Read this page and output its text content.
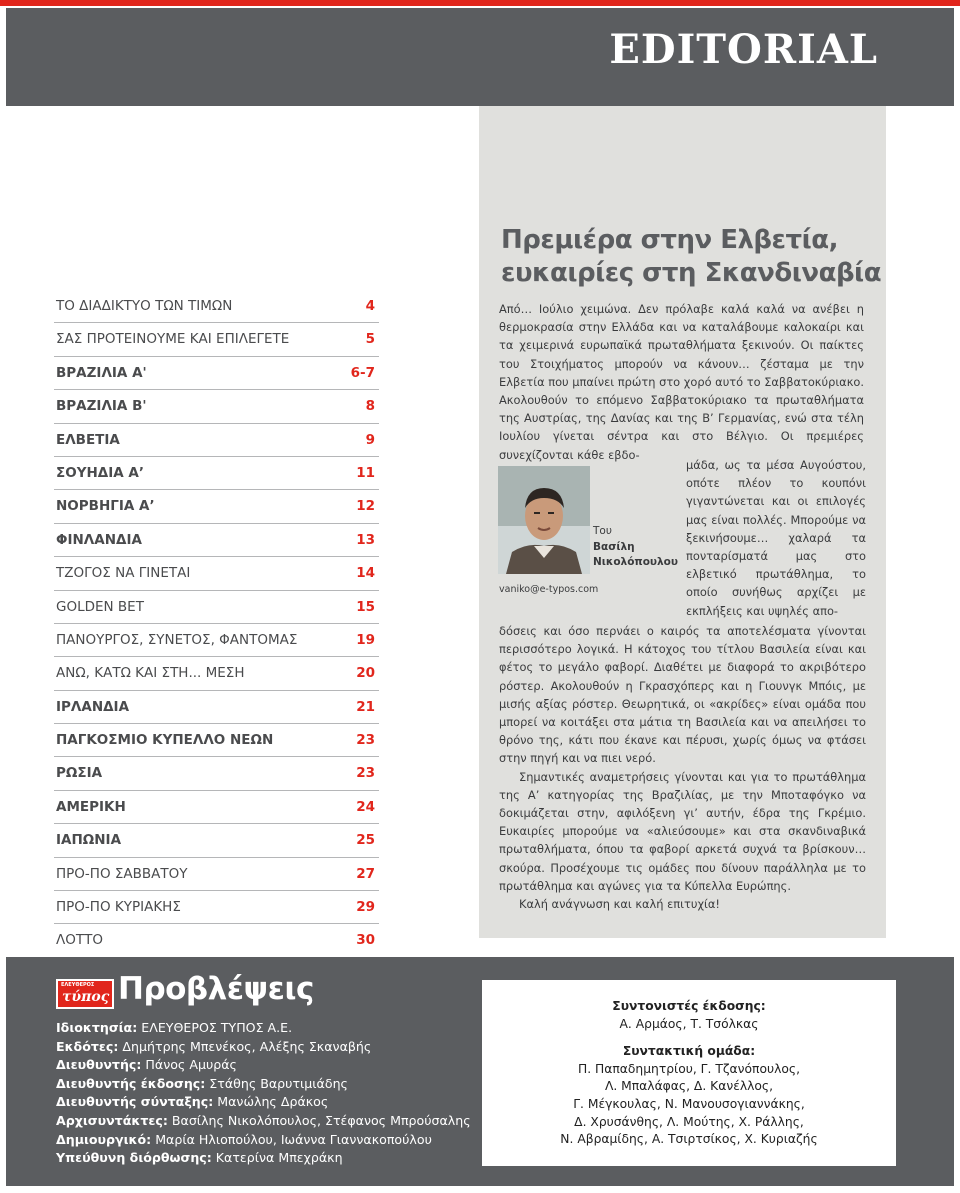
EDITORIAL
ΤΟ ΔΙΑΔΙΚΤΥΟ ΤΩΝ ΤΙΜΩΝ	4
ΣΑΣ ΠΡΟΤΕΙΝΟΥΜΕ ΚΑΙ ΕΠΙΛΕΓΕΤΕ	5
ΒΡΑΖΙΛΙΑ Α'	6-7
ΒΡΑΖΙΛΙΑ Β'	8
ΕΛΒΕΤΙΑ	9
ΣΟΥΗΔΙΑ Α’	11
ΝΟΡΒΗΓΙΑ Α’	12
ΦΙΝΛΑΝΔΙΑ	13
ΤΖΟΓΟΣ ΝΑ ΓΙΝΕΤΑΙ	14
GOLDEN BET	15
ΠΑΝΟΥΡΓΟΣ, ΣΥΝΕΤΟΣ, ΦΑΝΤΟΜΑΣ	19
ΑΝΩ, ΚΑΤΩ ΚΑΙ ΣΤΗ... ΜΕΣΗ	20
ΙΡΛΑΝΔΙΑ	21
ΠΑΓΚΟΣΜΙΟ ΚΥΠΕΛΛΟ ΝΕΩΝ	23
ΡΩΣΙΑ	23
ΑΜΕΡΙΚΗ	24
ΙΑΠΩΝΙΑ	25
ΠΡΟ-ΠΟ ΣΑΒΒΑΤΟΥ	27
ΠΡΟ-ΠΟ ΚΥΡΙΑΚΗΣ	29
ΛΟΤΤΟ	30
Πρεμιέρα στην Ελβετία,
ευκαιρίες στη Σκανδιναβία

Από… Ιούλιο χειμώνα. Δεν πρόλαβε καλά καλά να ανέβει η θερμοκρασία στην Ελλάδα και να καταλάβουμε καλοκαίρι και τα χειμερινά ευρωπαϊκά πρωταθλήματα ξεκινούν. Οι παίκτες του Στοιχήματος μπορούν να κάνουν… ζέσταμα με την Ελβετία που μπαίνει πρώτη στο χορό αυτό το Σαββατοκύριακο. Ακολουθούν το επόμενο Σαββατοκύριακο τα πρωταθλήματα της Αυστρίας, της Δανίας και της Β’ Γερμανίας, ενώ στα τέλη Ιουλίου γίνεται σέντρα και στο Βέλγιο. Οι πρεμιέρες συνεχίζονται κάθε εβδο-

Του
Βασίλη Νικολόπουλου
vaniko@e-typos.com

μάδα, ως τα μέσα Αυγούστου, οπότε πλέον το κουπόνι γιγαντώνεται και οι επιλογές μας είναι πολλές. Μπορούμε να ξεκινήσουμε… χαλαρά τα πονταρίσματά μας στο ελβετικό πρωτάθλημα, το οποίο συνήθως αρχίζει με εκπλήξεις και υψηλές απο-

δόσεις και όσο περνάει ο καιρός τα αποτελέσματα γίνονται περισσότερο λογικά. Η κάτοχος του τίτλου Βασιλεία είναι και φέτος το μεγάλο φαβορί. Διαθέτει με διαφορά το ακριβότερο ρόστερ. Ακολουθούν η Γκρασχόπερς και η Γιουνγκ Μπόις, με μισής αξίας ρόστερ. Θεωρητικά, οι «ακρίδες» είναι ομάδα που μπορεί να κοιτάξει στα μάτια τη Βασιλεία και να απειλήσει το θρόνο της, κάτι που έκανε και πέρυσι, χωρίς όμως να φτάσει στην πηγή και να πιει νερό.
Σημαντικές αναμετρήσεις γίνονται και για το πρωτάθλημα της Α’ κατηγορίας της Βραζιλίας, με την Μποταφόγκο να δοκιμάζεται στην, αφιλόξενη γι’ αυτήν, έδρα της Γκρέμιο. Ευκαιρίες μπορούμε να «αλιεύσουμε» και στα σκανδιναβικά πρωταθλήματα, όπου τα φαβορί αρκετά συχνά τα βρίσκουν… σκούρα. Προσέχουμε τις ομάδες που δίνουν παράλληλα με το πρωτάθλημα και αγώνες για τα Κύπελλα Ευρώπης.
Καλή ανάγνωση και καλή επιτυχία!
ΕΛΕΥΘΕΡΟΣ
τύπος Προβλέψεις
Ιδιοκτησία: ΕΛΕΥΘΕΡΟΣ ΤΥΠΟΣ Α.Ε.
Εκδότες: Δημήτρης Μπενέκος, Αλέξης Σκαναβής
Διευθυντής: Πάνος Αμυράς
Διευθυντής έκδοσης: Στάθης Βαρυτιμιάδης
Διευθυντής σύνταξης: Μανώλης Δράκος
Αρχισυντάκτες: Βασίλης Νικολόπουλος, Στέφανος Μπρούσαλης
Δημιουργικό: Μαρία Ηλιοπούλου, Ιωάννα Γιαννακοπούλου
Υπεύθυνη διόρθωσης: Κατερίνα Μπεχράκη
Συντονιστές έκδοσης:
Α. Αρμάος, Τ. Τσόλκας
Συντακτική ομάδα:
Π. Παπαδημητρίου, Γ. Τζανόπουλος,
Λ. Μπαλάφας, Δ. Κανέλλος,
Γ. Μέγκουλας, Ν. Μανουσογιαννάκης,
Δ. Χρυσάνθης, Λ. Μούτης, Χ. Ράλλης,
Ν. Αβραμίδης, Α. Τσιρτσίκος, Χ. Κυριαζής
